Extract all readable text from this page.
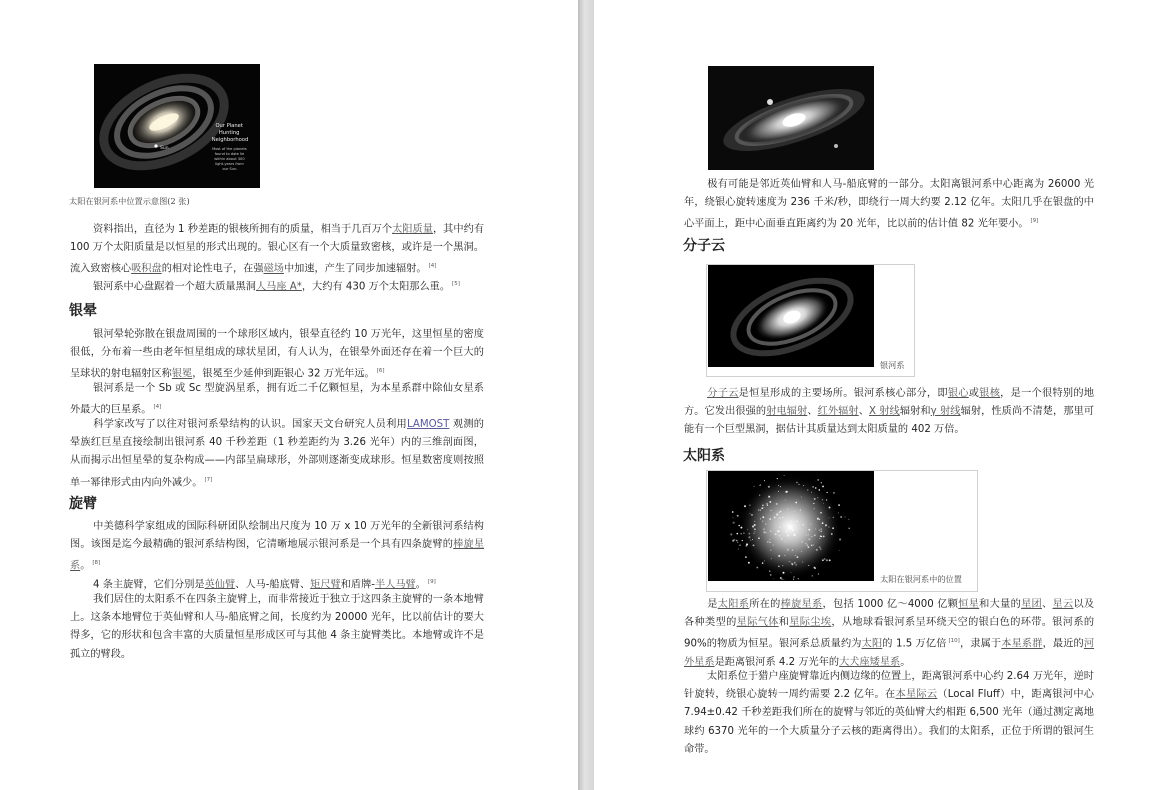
Sun
Our Planet Hunting Neighborhood
Most of the planets found to date lie within about 300 light-years from our Sun.
太阳在银河系中位置示意图(2 张)

资料指出，直径为 1 秒差距的银核所拥有的质量，相当于几百万个太阳质量，其中约有 100 万个太阳质量是以恒星的形式出现的。银心区有一个大质量致密核，或许是一个黑洞。流入致密核心吸积盘的相对论性电子，在强磁场中加速，产生了同步加速辐射。 [4]

银河系中心盘踞着一个超大质量黑洞人马座 A*，大约有 430 万个太阳那么重。 [5]

银晕

银河晕轮弥散在银盘周围的一个球形区域内，银晕直径约 10 万光年，这里恒星的密度很低，分布着一些由老年恒星组成的球状星团，有人认为，在银晕外面还存在着一个巨大的呈球状的射电辐射区称银冕，银冕至少延伸到距银心 32 万光年远。 [6]

银河系是一个 Sb 或 Sc 型旋涡星系，拥有近二千亿颗恒星，为本星系群中除仙女星系外最大的巨星系。 [4]

科学家改写了以往对银河系晕结构的认识。国家天文台研究人员利用LAMOST 观测的晕族红巨星直接绘制出银河系 40 千秒差距（1 秒差距约为 3.26 光年）内的三维剖面图，从而揭示出恒星晕的复杂构成——内部呈扁球形，外部则逐渐变成球形。恒星数密度则按照单一幂律形式由内向外减少。 [7]

旋臂

中美德科学家组成的国际科研团队绘制出尺度为 10 万 x 10 万光年的全新银河系结构图。该图是迄今最精确的银河系结构图，它清晰地展示银河系是一个具有四条旋臂的棒旋星系。 [8]

4 条主旋臂，它们分别是英仙臂、人马-船底臂、矩尺臂和盾牌-半人马臂。 [9]

我们居住的太阳系不在四条主旋臂上，而非常接近于独立于这四条主旋臂的一条本地臂上。这条本地臂位于英仙臂和人马-船底臂之间，长度约为 20000 光年，比以前估计的要大得多，它的形状和包含丰富的大质量恒星形成区可与其他 4 条主旋臂类比。本地臂或许不是孤立的臂段。

极有可能是邻近英仙臂和人马-船底臂的一部分。太阳离银河系中心距离为 26000 光年，绕银心旋转速度为 236 千米/秒，即绕行一周大约要 2.12 亿年。太阳几乎在银盘的中心平面上，距中心面垂直距离约为 20 光年，比以前的估计值 82 光年要小。 [9]

分子云
银河系

分子云是恒星形成的主要场所。银河系核心部分，即银心或银核，是一个很特别的地方。它发出很强的射电辐射、红外辐射、X 射线辐射和γ 射线辐射，性质尚不清楚，那里可能有一个巨型黑洞，据估计其质量达到太阳质量的 402 万倍。

太阳系
太阳在银河系中的位置

是太阳系所在的棒旋星系，包括 1000 亿～4000 亿颗恒星和大量的星团、星云以及各种类型的星际气体和星际尘埃，从地球看银河系呈环绕天空的银白色的环带。银河系的 90%的物质为恒星。银河系总质量约为太阳的 1.5 万亿倍 [10]，隶属于本星系群，最近的河外星系是距离银河系 4.2 万光年的大犬座矮星系。

太阳系位于猎户座旋臂靠近内侧边缘的位置上，距离银河系中心约 2.64 万光年，逆时针旋转，绕银心旋转一周约需要 2.2 亿年。在本星际云（Local Fluff）中，距离银河中心 7.94±0.42 千秒差距我们所在的旋臂与邻近的英仙臂大约相距 6,500 光年（通过测定离地球约 6370 光年的一个大质量分子云核的距离得出）。我们的太阳系，正位于所谓的银河生命带。
